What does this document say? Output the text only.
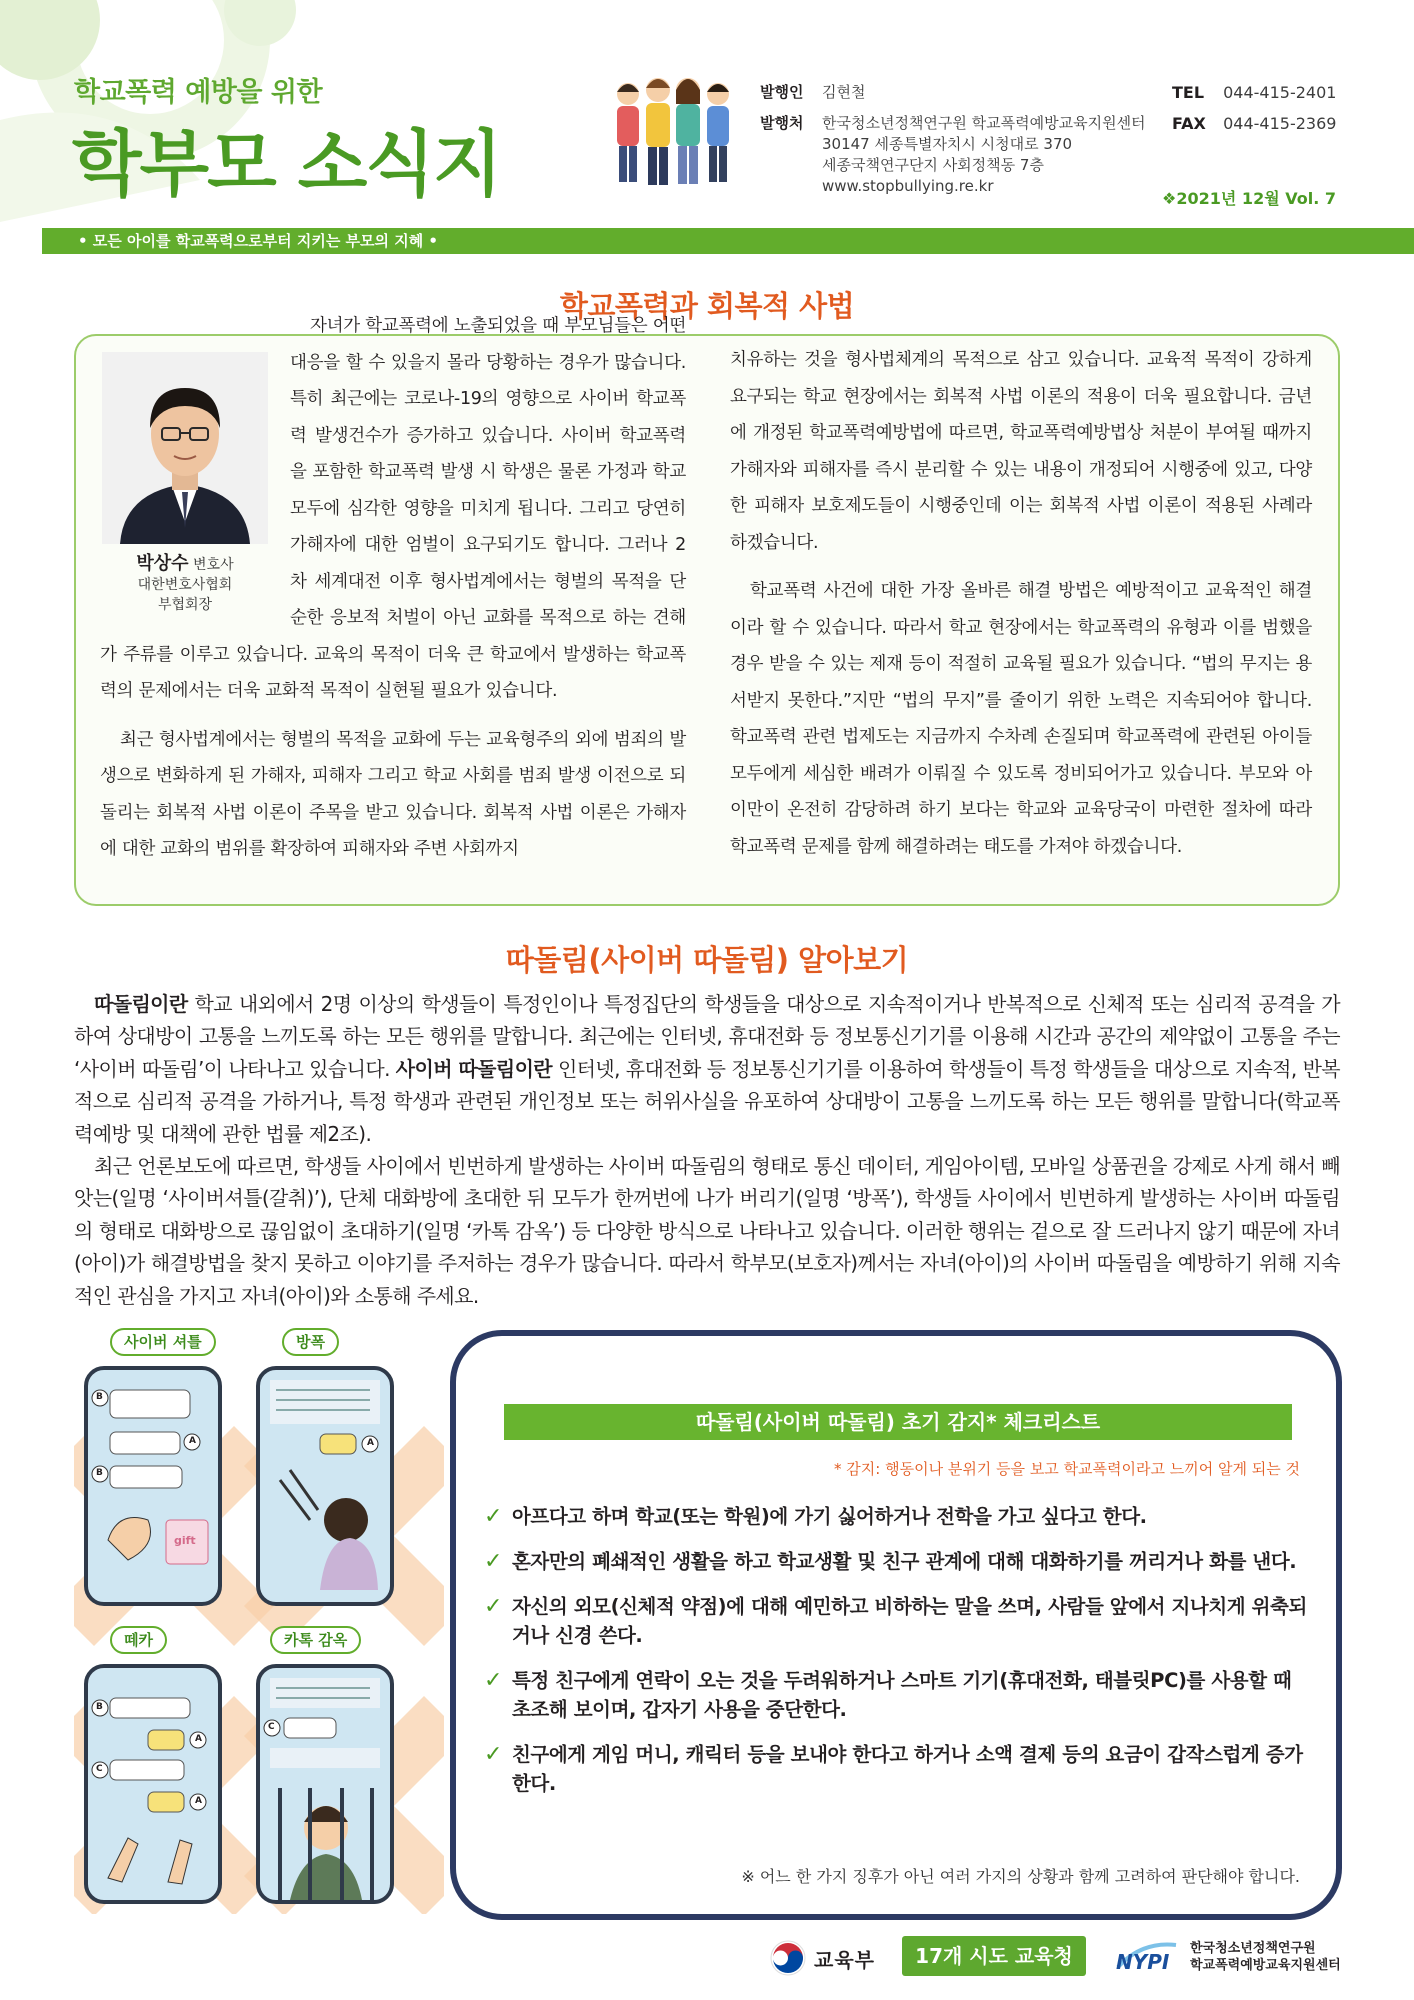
학교폭력 예방을 위한
학부모 소식지
발행인 김현철
발행처 한국청소년정책연구원 학교폭력예방교육지원센터
30147 세종특별자치시 시청대로 370
세종국책연구단지 사회정책동 7층
www.stopbullying.re.kr
TEL 044-415-2401
FAX 044-415-2369
❖2021년 12월 Vol. 7
• 모든 아이를 학교폭력으로부터 지키는 부모의 지혜 •
학교폭력과 회복적 사법
박상수 변호사
대한변호사협회
부협회장

자녀가 학교폭력에 노출되었을 때 부모님들은 어떤 대응을 할 수 있을지 몰라 당황하는 경우가 많습니다. 특히 최근에는 코로나-19의 영향으로 사이버 학교폭력 발생건수가 증가하고 있습니다. 사이버 학교폭력을 포함한 학교폭력 발생 시 학생은 물론 가정과 학교 모두에 심각한 영향을 미치게 됩니다. 그리고 당연히 가해자에 대한 엄벌이 요구되기도 합니다. 그러나 2차 세계대전 이후 형사법계에서는 형벌의 목적을 단순한 응보적 처벌이 아닌 교화를 목적으로 하는 견해가 주류를 이루고 있습니다. 교육의 목적이 더욱 큰 학교에서 발생하는 학교폭력의 문제에서는 더욱 교화적 목적이 실현될 필요가 있습니다.

최근 형사법계에서는 형벌의 목적을 교화에 두는 교육형주의 외에 범죄의 발생으로 변화하게 된 가해자, 피해자 그리고 학교 사회를 범죄 발생 이전으로 되돌리는 회복적 사법 이론이 주목을 받고 있습니다. 회복적 사법 이론은 가해자에 대한 교화의 범위를 확장하여 피해자와 주변 사회까지

치유하는 것을 형사법체계의 목적으로 삼고 있습니다. 교육적 목적이 강하게 요구되는 학교 현장에서는 회복적 사법 이론의 적용이 더욱 필요합니다. 금년에 개정된 학교폭력예방법에 따르면, 학교폭력예방법상 처분이 부여될 때까지 가해자와 피해자를 즉시 분리할 수 있는 내용이 개정되어 시행중에 있고, 다양한 피해자 보호제도들이 시행중인데 이는 회복적 사법 이론이 적용된 사례라 하겠습니다.

학교폭력 사건에 대한 가장 올바른 해결 방법은 예방적이고 교육적인 해결이라 할 수 있습니다. 따라서 학교 현장에서는 학교폭력의 유형과 이를 범했을 경우 받을 수 있는 제재 등이 적절히 교육될 필요가 있습니다. “법의 무지는 용서받지 못한다.”지만 “법의 무지”를 줄이기 위한 노력은 지속되어야 합니다. 학교폭력 관련 법제도는 지금까지 수차례 손질되며 학교폭력에 관련된 아이들 모두에게 세심한 배려가 이뤄질 수 있도록 정비되어가고 있습니다. 부모와 아이만이 온전히 감당하려 하기 보다는 학교와 교육당국이 마련한 절차에 따라 학교폭력 문제를 함께 해결하려는 태도를 가져야 하겠습니다.

따돌림(사이버 따돌림) 알아보기

따돌림이란 학교 내외에서 2명 이상의 학생들이 특정인이나 특정집단의 학생들을 대상으로 지속적이거나 반복적으로 신체적 또는 심리적 공격을 가하여 상대방이 고통을 느끼도록 하는 모든 행위를 말합니다. 최근에는 인터넷, 휴대전화 등 정보통신기기를 이용해 시간과 공간의 제약없이 고통을 주는 ‘사이버 따돌림’이 나타나고 있습니다. 사이버 따돌림이란 인터넷, 휴대전화 등 정보통신기기를 이용하여 학생들이 특정 학생들을 대상으로 지속적, 반복적으로 심리적 공격을 가하거나, 특정 학생과 관련된 개인정보 또는 허위사실을 유포하여 상대방이 고통을 느끼도록 하는 모든 행위를 말합니다(학교폭력예방 및 대책에 관한 법률 제2조).

최근 언론보도에 따르면, 학생들 사이에서 빈번하게 발생하는 사이버 따돌림의 형태로 통신 데이터, 게임아이템, 모바일 상품권을 강제로 사게 해서 빼앗는(일명 ‘사이버셔틀(갈취)’), 단체 대화방에 초대한 뒤 모두가 한꺼번에 나가 버리기(일명 ‘방폭’), 학생들 사이에서 빈번하게 발생하는 사이버 따돌림의 형태로 대화방으로 끊임없이 초대하기(일명 ‘카톡 감옥’) 등 다양한 방식으로 나타나고 있습니다. 이러한 행위는 겉으로 잘 드러나지 않기 때문에 자녀(아이)가 해결방법을 찾지 못하고 이야기를 주저하는 경우가 많습니다. 따라서 학부모(보호자)께서는 자녀(아이)의 사이버 따돌림을 예방하기 위해 지속적인 관심을 가지고 자녀(아이)와 소통해 주세요.

사이버 셔틀	방폭
B
A
B
gift
A
떼카	카톡 감옥
B
A
C
A
C
따돌림(사이버 따돌림) 초기 감지* 체크리스트
* 감지: 행동이나 분위기 등을 보고 학교폭력이라고 느끼어 알게 되는 것
✓ 아프다고 하며 학교(또는 학원)에 가기 싫어하거나 전학을 가고 싶다고 한다.
✓ 혼자만의 폐쇄적인 생활을 하고 학교생활 및 친구 관계에 대해 대화하기를 꺼리거나 화를 낸다.
✓ 자신의 외모(신체적 약점)에 대해 예민하고 비하하는 말을 쓰며, 사람들 앞에서 지나치게 위축되거나 신경 쓴다.
✓ 특정 친구에게 연락이 오는 것을 두려워하거나 스마트 기기(휴대전화, 태블릿PC)를 사용할 때 초조해 보이며, 갑자기 사용을 중단한다.
✓ 친구에게 게임 머니, 캐릭터 등을 보내야 한다고 하거나 소액 결제 등의 요금이 갑작스럽게 증가한다.
※ 어느 한 가지 징후가 아닌 여러 가지의 상황과 함께 고려하여 판단해야 합니다.
교육부	17개 시도 교육청	NYPI
한국청소년정책연구원
학교폭력예방교육지원센터
